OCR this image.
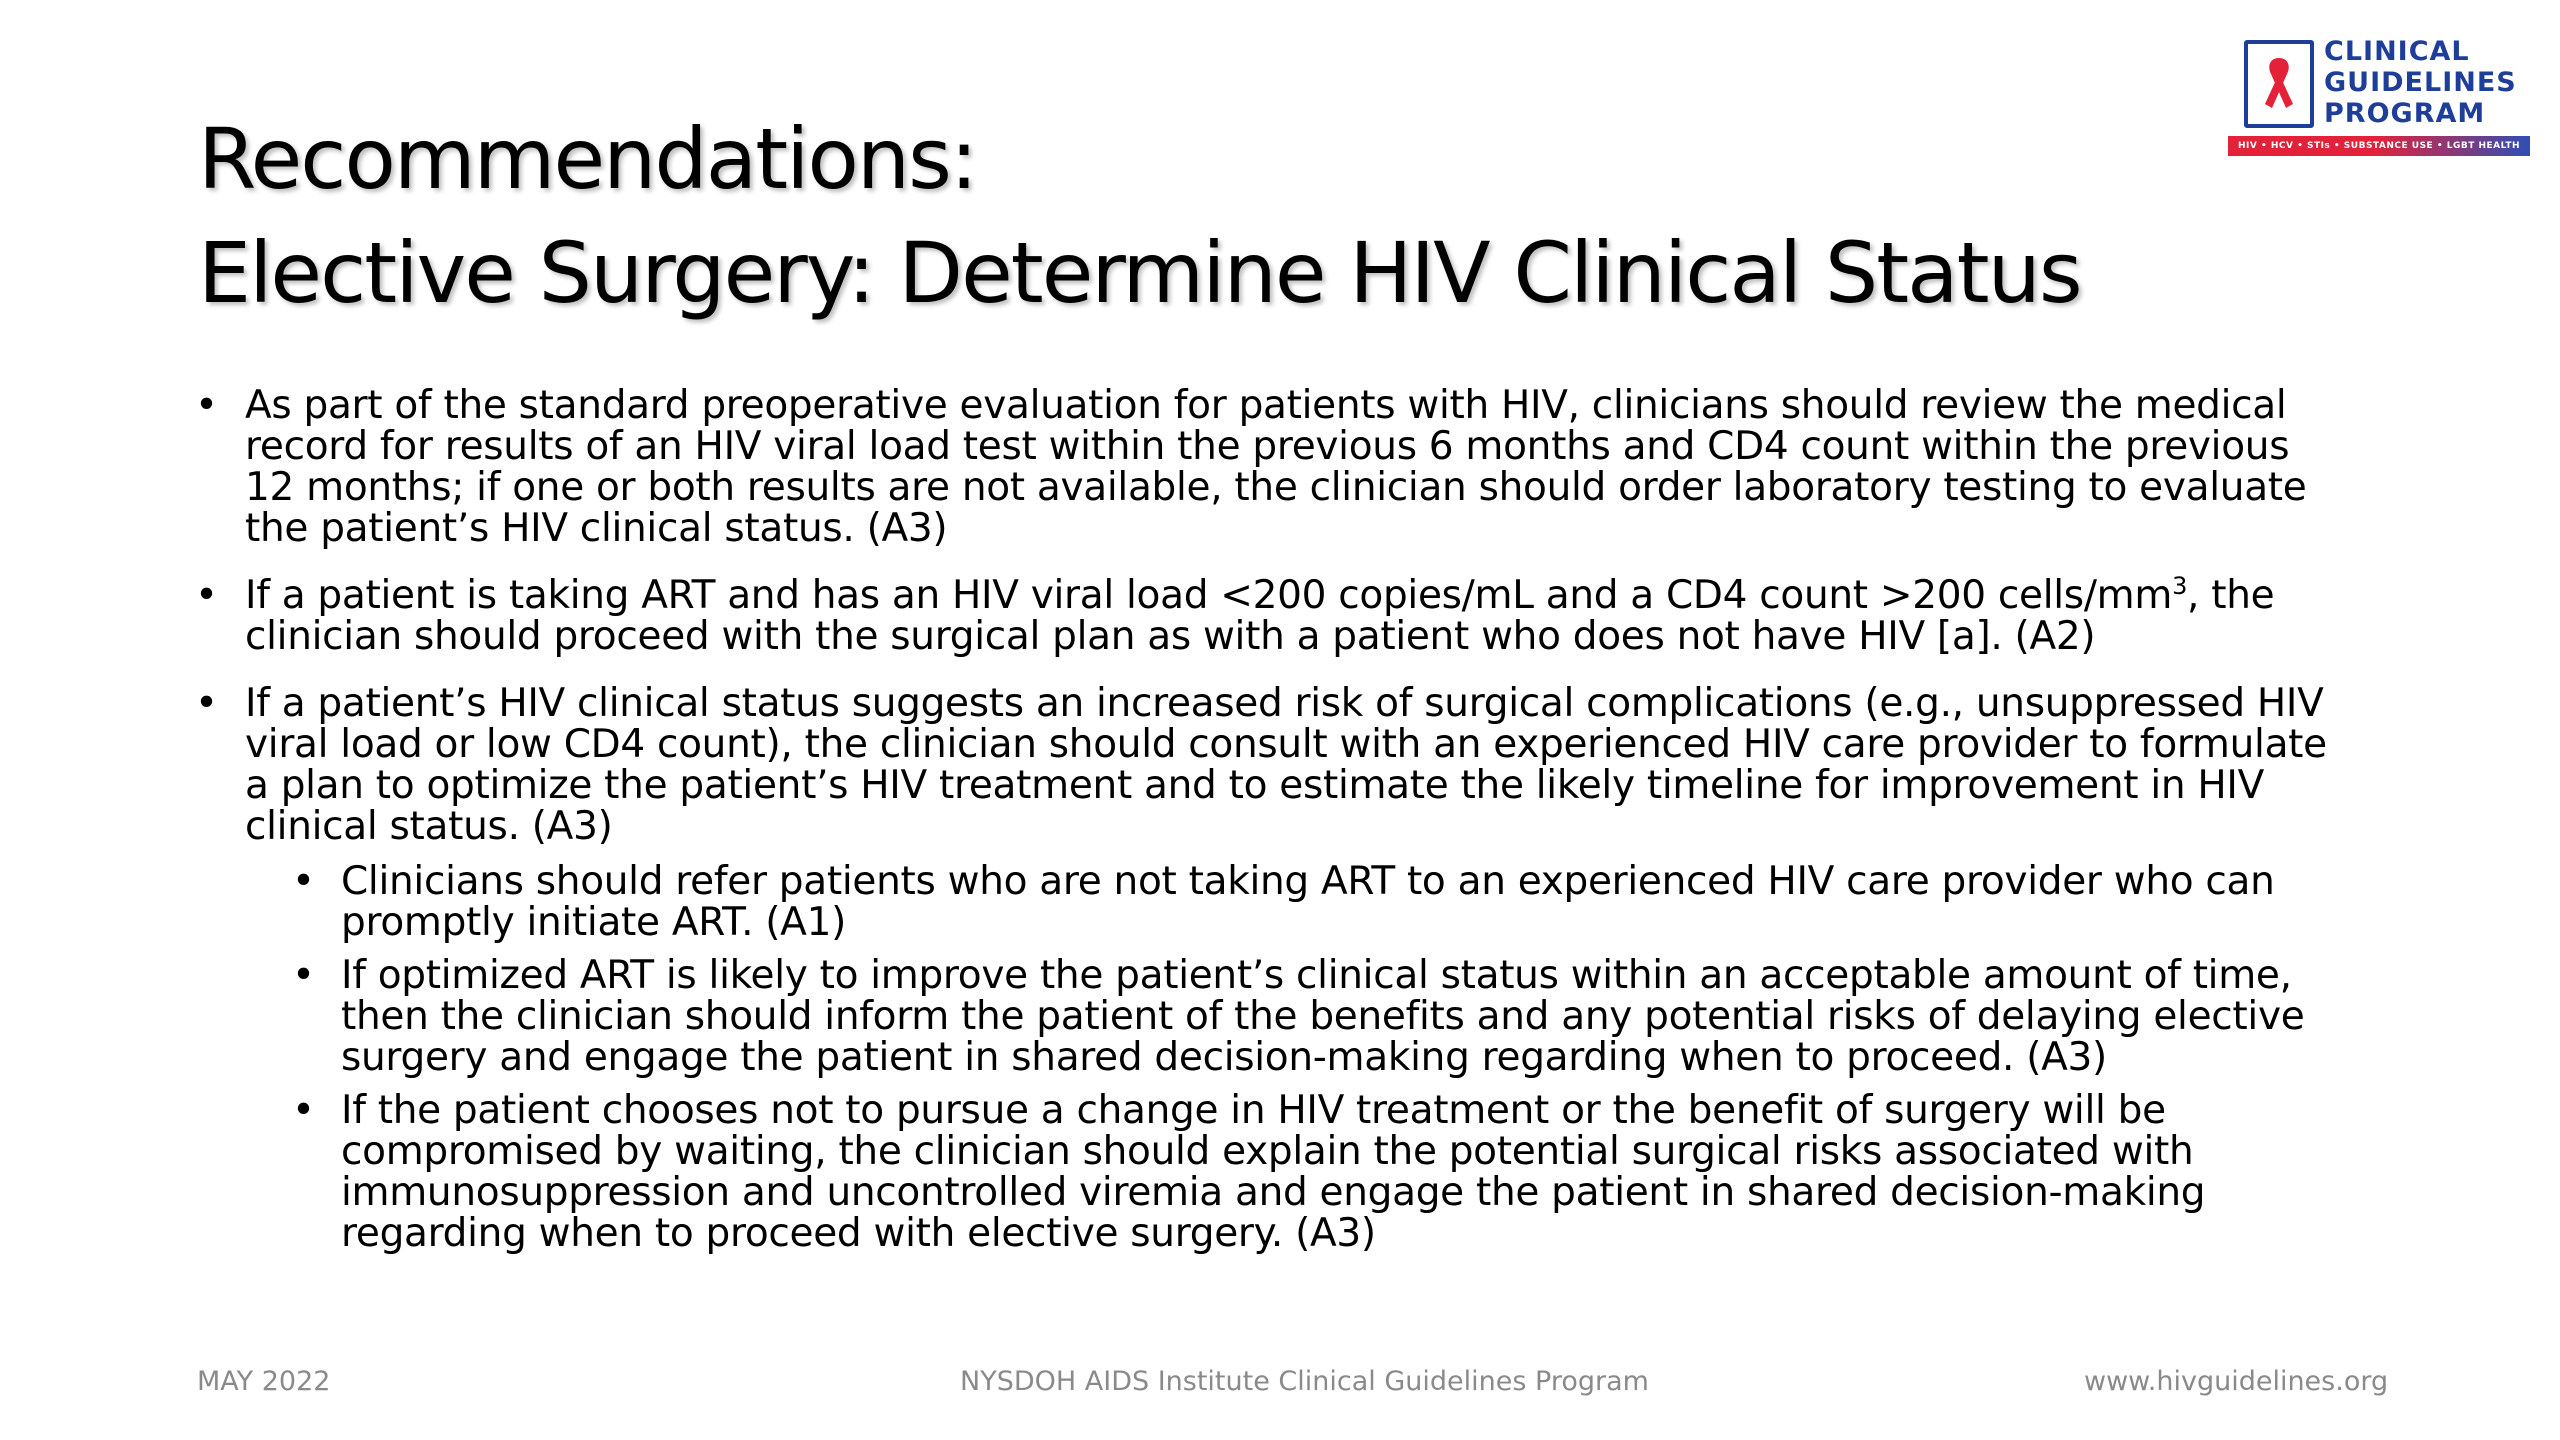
Recommendations:
Elective Surgery: Determine HIV Clinical Status
CLINICAL
GUIDELINES
PROGRAM
HIV • HCV • STIs • SUBSTANCE USE • LGBT HEALTH
• As part of the standard preoperative evaluation for patients with HIV, clinicians should review the medical
record for results of an HIV viral load test within the previous 6 months and CD4 count within the previous
12 months; if one or both results are not available, the clinician should order laboratory testing to evaluate
the patient’s HIV clinical status. (A3)
• If a patient is taking ART and has an HIV viral load <200 copies/mL and a CD4 count >200 cells/$mm^3$, the
clinician should proceed with the surgical plan as with a patient who does not have HIV [a]. (A2)
• If a patient’s HIV clinical status suggests an increased risk of surgical complications (e.g., unsuppressed HIV
viral load or low CD4 count), the clinician should consult with an experienced HIV care provider to formulate
a plan to optimize the patient’s HIV treatment and to estimate the likely timeline for improvement in HIV
clinical status. (A3)
• Clinicians should refer patients who are not taking ART to an experienced HIV care provider who can
promptly initiate ART. (A1)
• If optimized ART is likely to improve the patient’s clinical status within an acceptable amount of time,
then the clinician should inform the patient of the benefits and any potential risks of delaying elective
surgery and engage the patient in shared decision-making regarding when to proceed. (A3)
• If the patient chooses not to pursue a change in HIV treatment or the benefit of surgery will be
compromised by waiting, the clinician should explain the potential surgical risks associated with
immunosuppression and uncontrolled viremia and engage the patient in shared decision-making
regarding when to proceed with elective surgery. (A3)
MAY 2022	NYSDOH AIDS Institute Clinical Guidelines Program	www.hivguidelines.org
